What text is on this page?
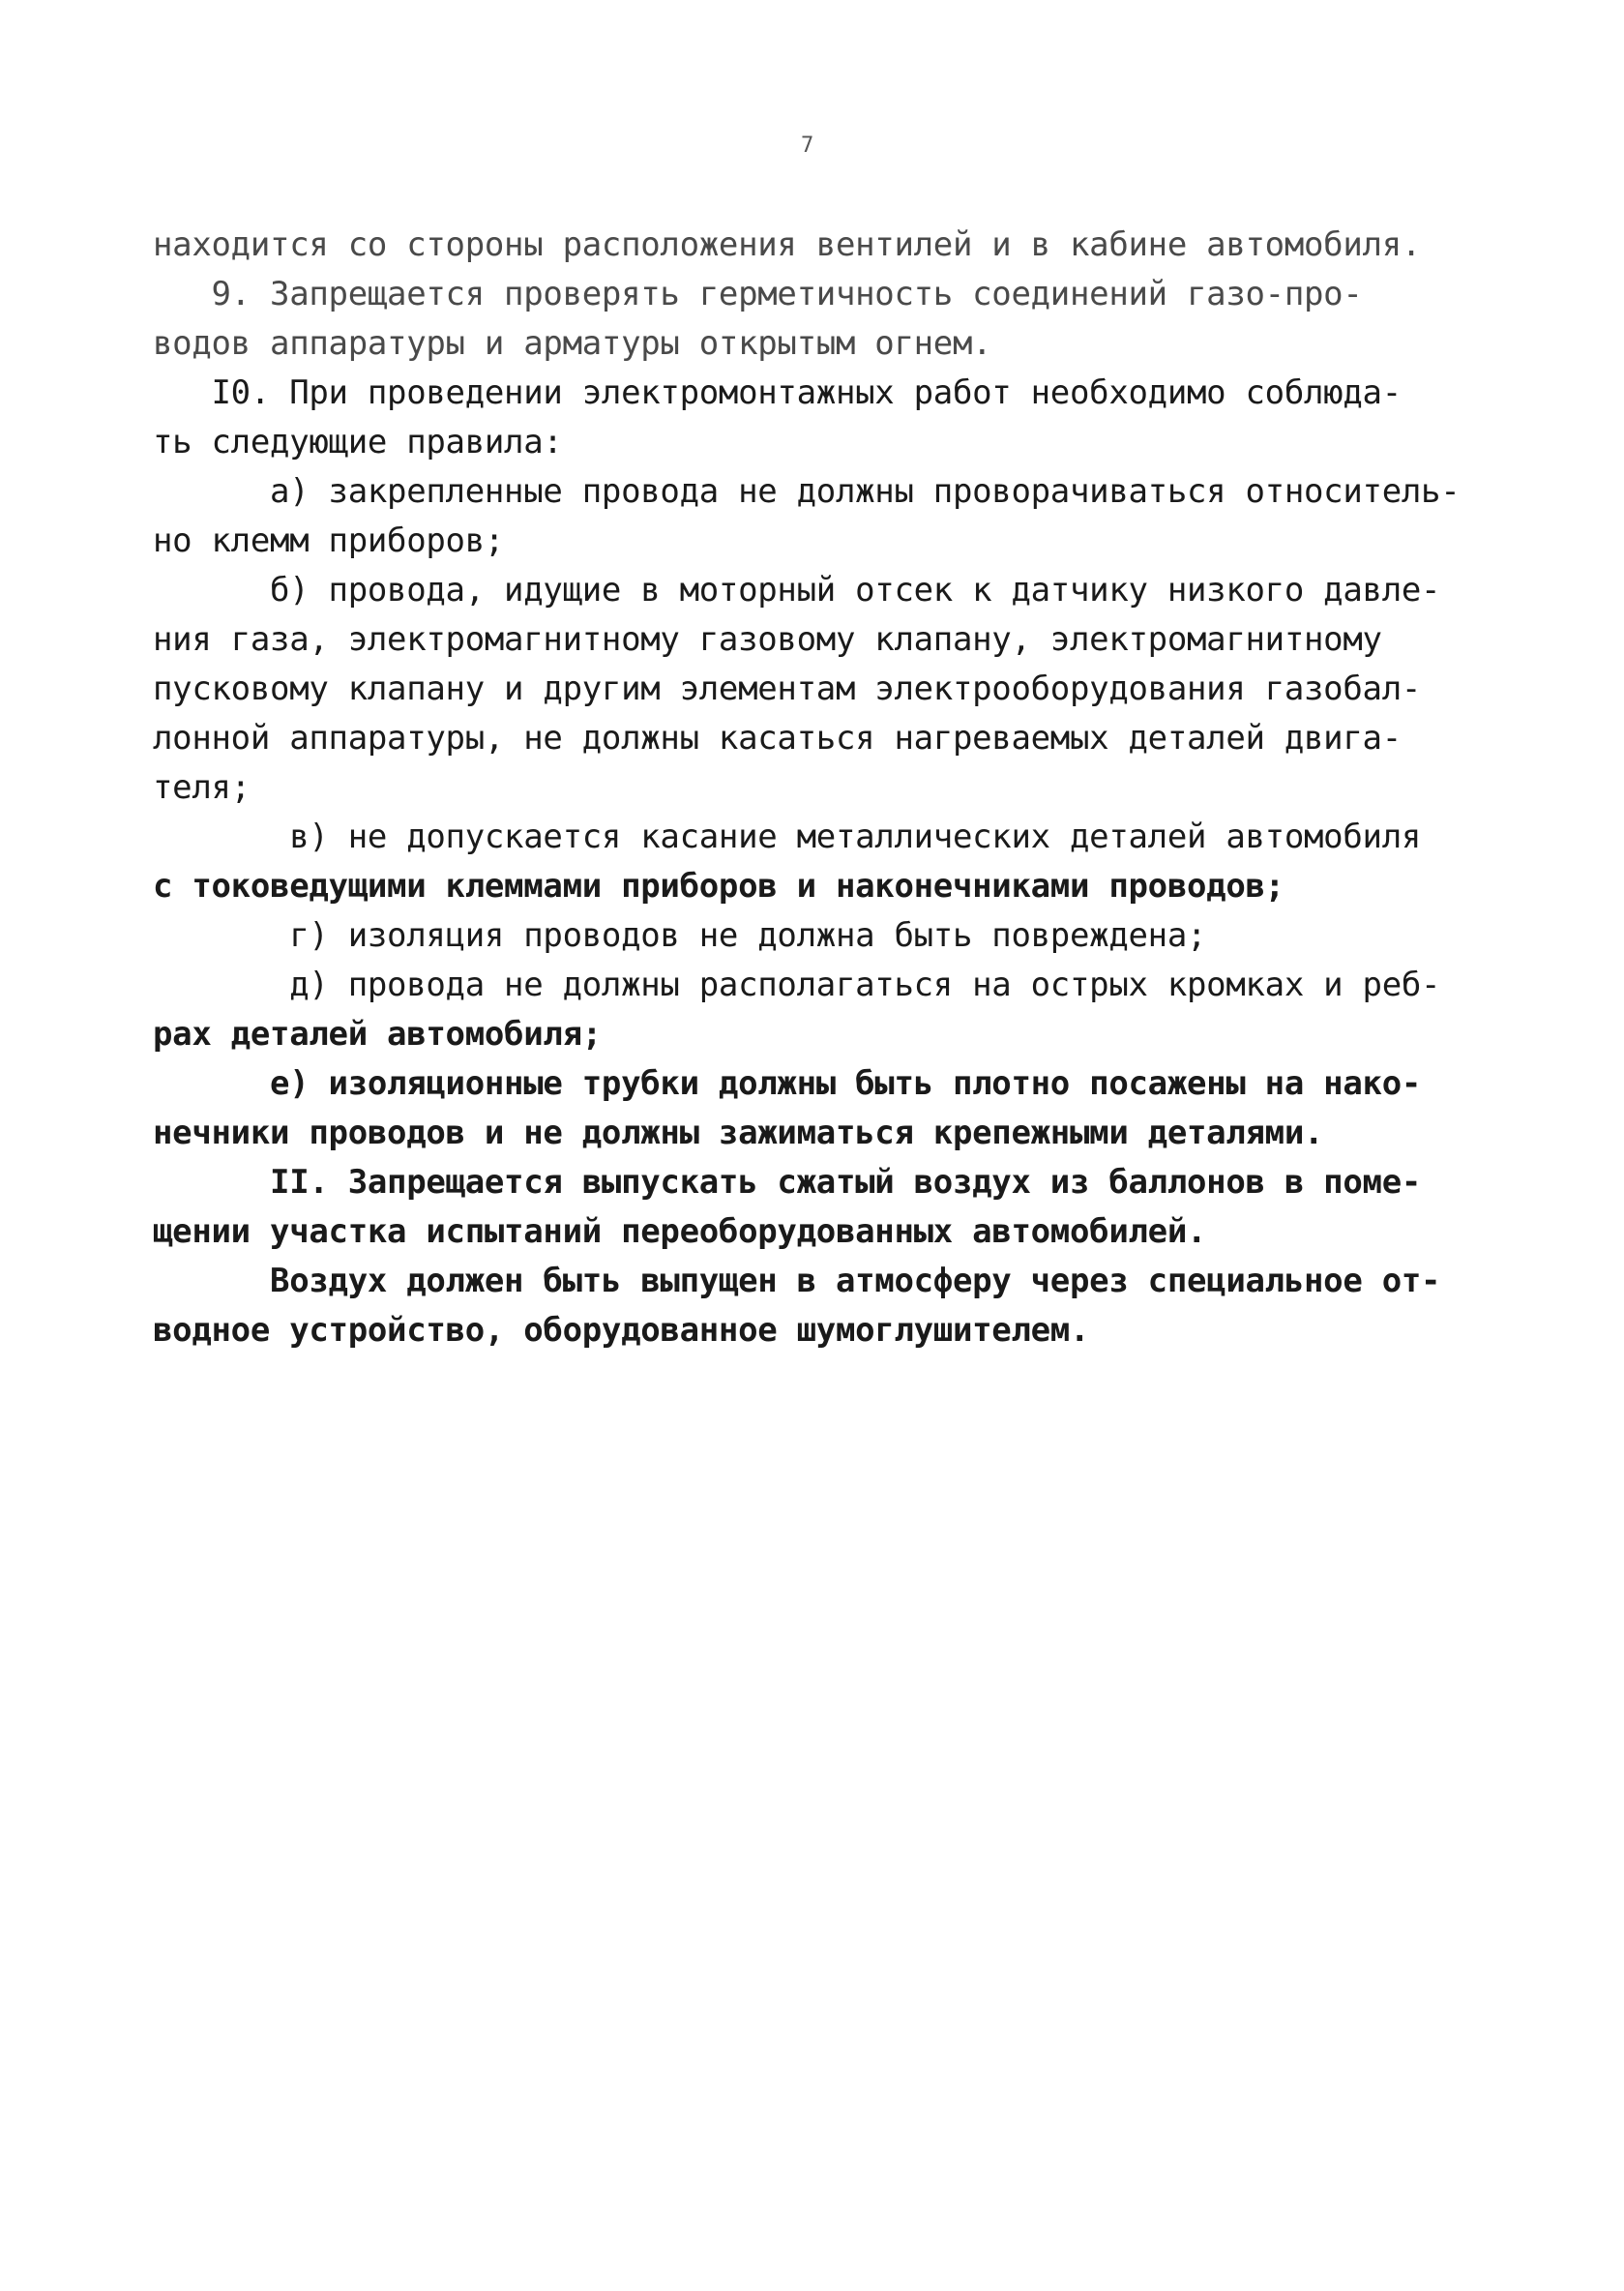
7
находится со стороны расположения вентилей и в кабине автомобиля.
9. Запрещается проверять герметичность соединений газо-про-
водов аппаратуры и арматуры открытым огнем.
I0. При проведении электромонтажных работ необходимо соблюда-
ть следующие правила:
а) закрепленные провода не должны проворачиваться относитель-
но клемм приборов;
б) провода, идущие в моторный отсек к датчику низкого давле-
ния газа, электромагнитному газовому клапану, электромагнитному
пусковому клапану и другим элементам электрооборудования газобал-
лонной аппаратуры, не должны касаться нагреваемых деталей двига-
теля;
в) не допускается касание металлических деталей автомобиля
с токоведущими клеммами приборов и наконечниками проводов;
г) изоляция проводов не должна быть повреждена;
д) провода не должны располагаться на острых кромках и реб-
рах деталей автомобиля;
е) изоляционные трубки должны быть плотно посажены на нако-
нечники проводов и не должны зажиматься крепежными деталями.
II. Запрещается выпускать сжатый воздух из баллонов в поме-
щении участка испытаний переоборудованных автомобилей.
Воздух должен быть выпущен в атмосферу через специальное от-
водное устройство, оборудованное шумоглушителем.
